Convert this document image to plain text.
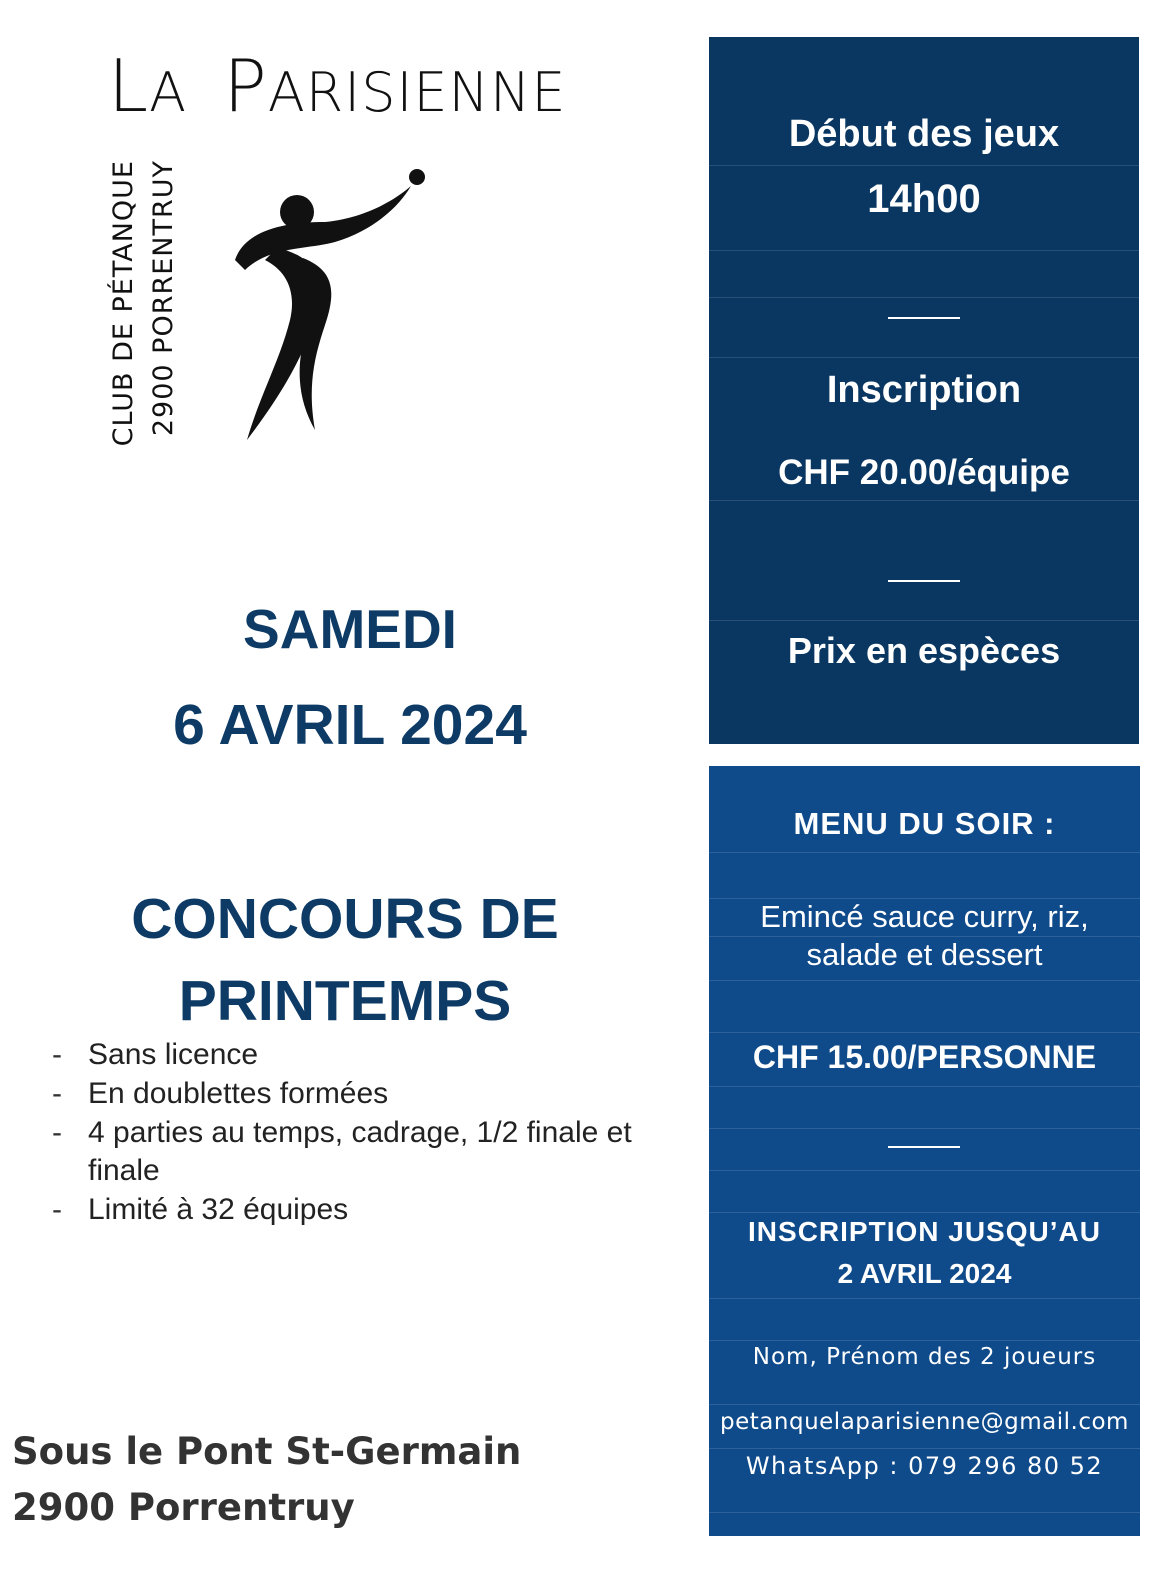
LA PARISIENNE
CLUB DE PÉTANQUE 2900 PORRENTRUY
SAMEDI
6 AVRIL 2024
CONCOURS DE
PRINTEMPS
- Sans licence
- En doublettes formées
- 4 parties au temps, cadrage, 1/2 finale et finale
- Limité à 32 équipes
Sous le Pont St-Germain
2900 Porrentruy
Début des jeux
14h00
Inscription
CHF 20.00/équipe
Prix en espèces
MENU DU SOIR :
Emincé sauce curry, riz,
salade et dessert
CHF 15.00/PERSONNE
INSCRIPTION JUSQU’AU
2 AVRIL 2024
Nom, Prénom des 2 joueurs
petanquelaparisienne@gmail.com
WhatsApp : 079 296 80 52
